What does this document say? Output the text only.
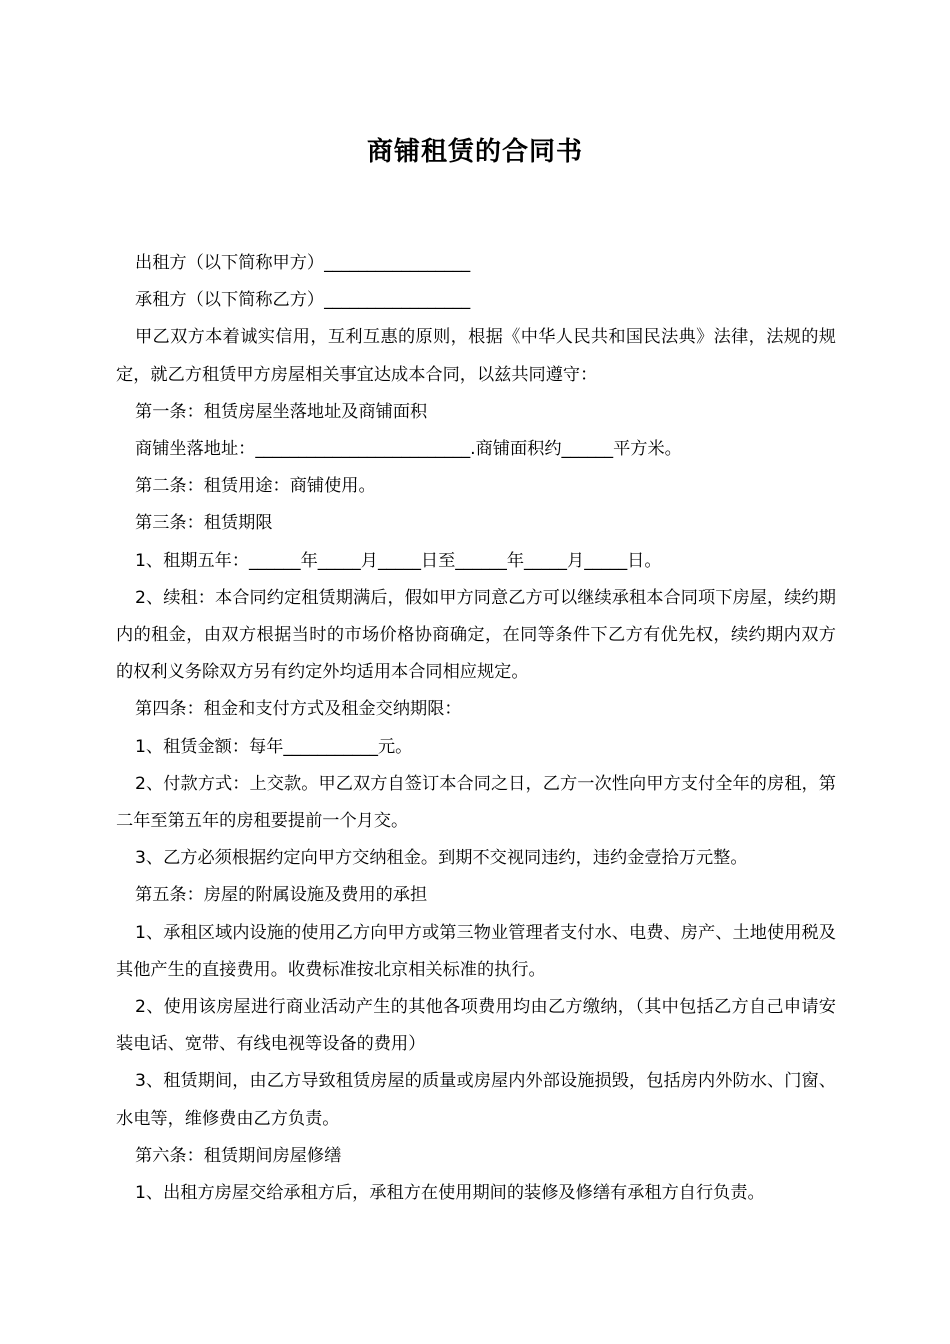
商铺租赁的合同书

出租方（以下简称甲方）_________________

承租方（以下简称乙方）_________________

甲乙双方本着诚实信用，互利互惠的原则，根据《中华人民共和国民法典》法律，法规的规定，就乙方租赁甲方房屋相关事宜达成本合同，以兹共同遵守：

第一条：租赁房屋坐落地址及商铺面积

商铺坐落地址：_________________________.商铺面积约______平方米。

第二条：租赁用途：商铺使用。

第三条：租赁期限

1、租期五年：______年_____月_____日至______年_____月_____日。

2、续租：本合同约定租赁期满后，假如甲方同意乙方可以继续承租本合同项下房屋，续约期内的租金，由双方根据当时的市场价格协商确定，在同等条件下乙方有优先权，续约期内双方的权利义务除双方另有约定外均适用本合同相应规定。

第四条：租金和支付方式及租金交纳期限：

1、租赁金额：每年___________元。

2、付款方式：上交款。甲乙双方自签订本合同之日，乙方一次性向甲方支付全年的房租，第二年至第五年的房租要提前一个月交。

3、乙方必须根据约定向甲方交纳租金。到期不交视同违约，违约金壹拾万元整。

第五条：房屋的附属设施及费用的承担

1、承租区域内设施的使用乙方向甲方或第三物业管理者支付水、电费、房产、土地使用税及其他产生的直接费用。收费标准按北京相关标准的执行。

2、使用该房屋进行商业活动产生的其他各项费用均由乙方缴纳，（其中包括乙方自己申请安装电话、宽带、有线电视等设备的费用）

3、租赁期间，由乙方导致租赁房屋的质量或房屋内外部设施损毁，包括房内外防水、门窗、水电等，维修费由乙方负责。

第六条：租赁期间房屋修缮

1、出租方房屋交给承租方后，承租方在使用期间的装修及修缮有承租方自行负责。
